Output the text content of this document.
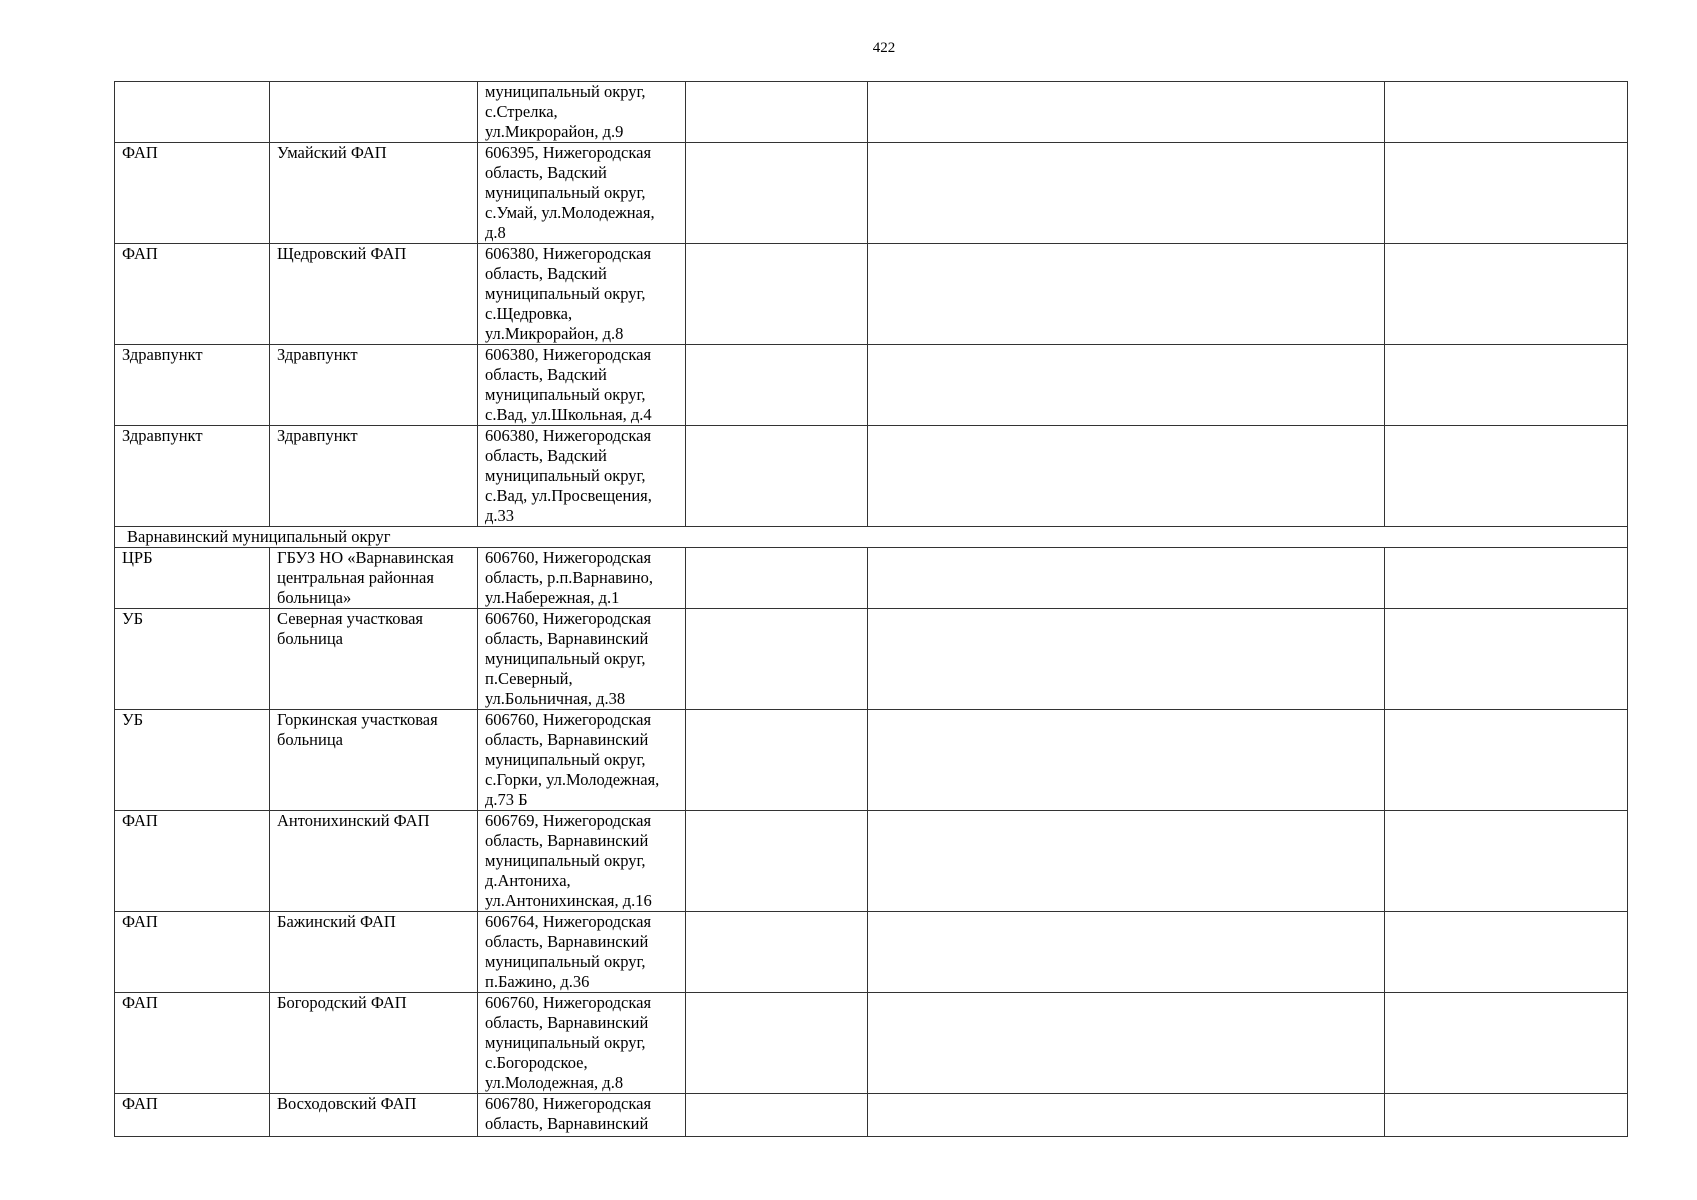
422

		муниципальный округ,
с.Стрелка,
ул.Микрорайон, д.9			

ФАП	Умайский ФАП	606395, Нижегородская
область, Вадский
муниципальный округ,
с.Умай, ул.Молодежная,
д.8			

ФАП	Щедровский ФАП	606380, Нижегородская
область, Вадский
муниципальный округ,
с.Щедровка,
ул.Микрорайон, д.8			

Здравпункт	Здравпункт	606380, Нижегородская
область, Вадский
муниципальный округ,
с.Вад, ул.Школьная, д.4			

Здравпункт	Здравпункт	606380, Нижегородская
область, Вадский
муниципальный округ,
с.Вад, ул.Просвещения,
д.33			

Варнавинский муниципальный округ					
ЦРБ	ГБУЗ НО «Варнавинская
центральная районная
больница»	606760, Нижегородская
область, р.п.Варнавино,
ул.Набережная, д.1			

УБ	Северная участковая
больница	606760, Нижегородская
область, Варнавинский
муниципальный округ,
п.Северный,
ул.Больничная, д.38			

УБ	Горкинская участковая
больница	606760, Нижегородская
область, Варнавинский
муниципальный округ,
с.Горки, ул.Молодежная,
д.73 Б			

ФАП	Антонихинский ФАП	606769, Нижегородская
область, Варнавинский
муниципальный округ,
д.Антониха,
ул.Антонихинская, д.16			

ФАП	Бажинский ФАП	606764, Нижегородская
область, Варнавинский
муниципальный округ,
п.Бажино, д.36			

ФАП	Богородский ФАП	606760, Нижегородская
область, Варнавинский
муниципальный округ,
с.Богородское,
ул.Молодежная, д.8			

ФАП	Восходовский ФАП	606780, Нижегородская
область, Варнавинский			
